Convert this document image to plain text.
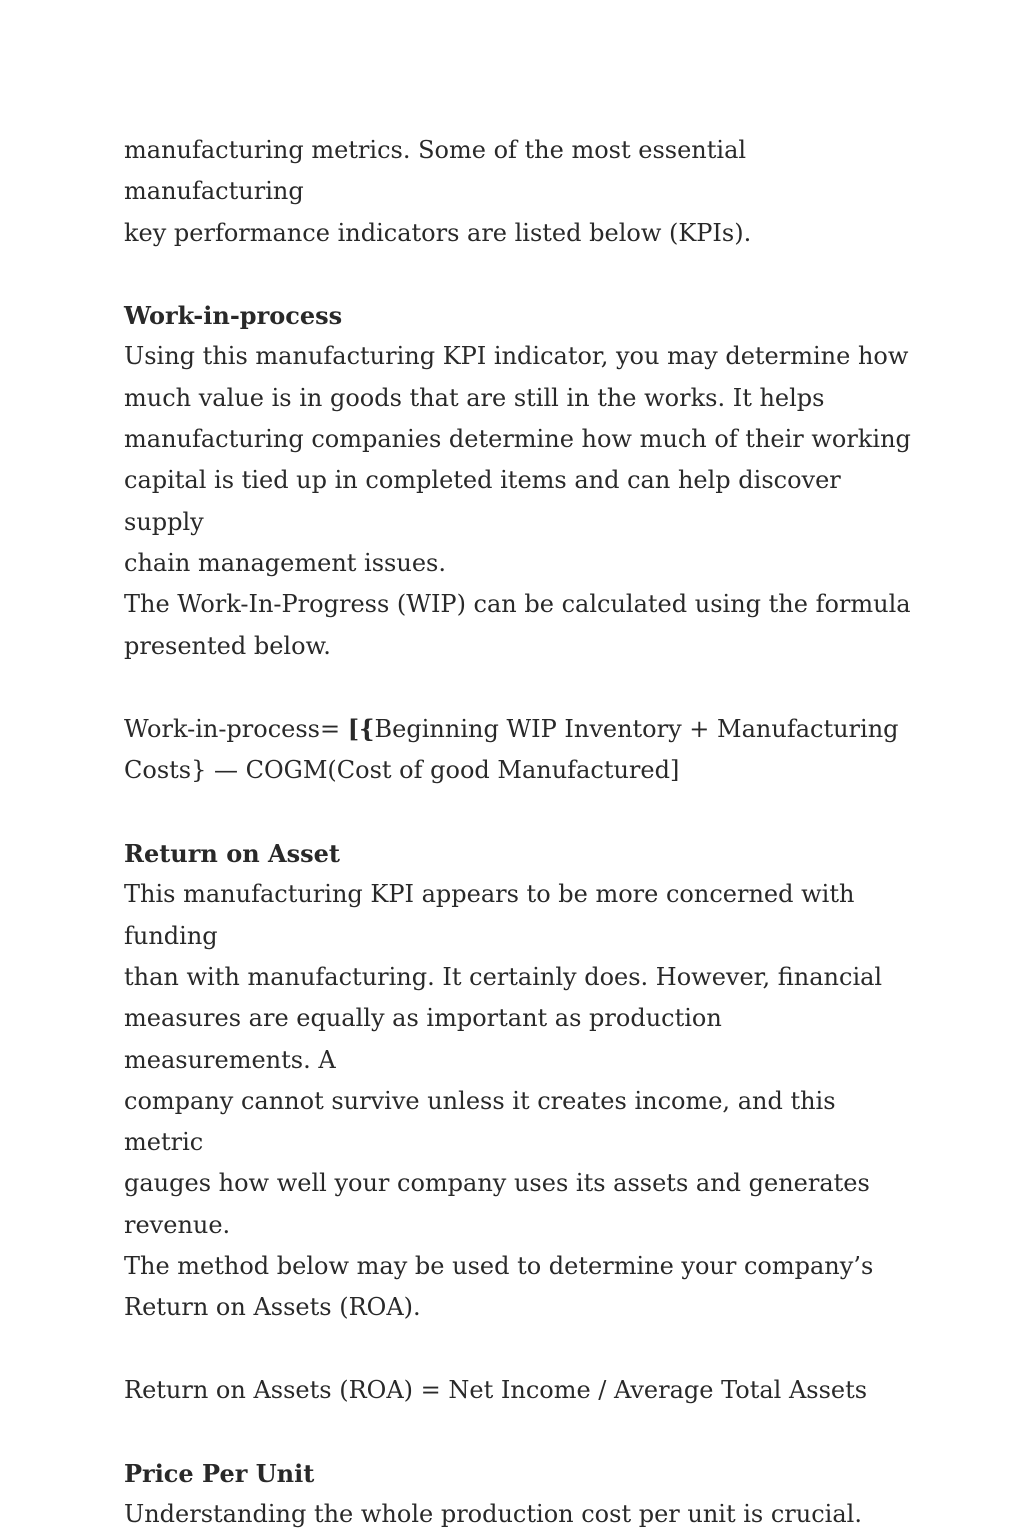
manufacturing metrics. Some of the most essential manufacturing

key performance indicators are listed below (KPIs).

Work-in-process

Using this manufacturing KPI indicator, you may determine how

much value is in goods that are still in the works. It helps

manufacturing companies determine how much of their working

capital is tied up in completed items and can help discover supply

chain management issues.

The Work-In-Progress (WIP) can be calculated using the formula

presented below.

Work-in-process= [{Beginning WIP Inventory + Manufacturing

Costs} — COGM(Cost of good Manufactured]

Return on Asset

This manufacturing KPI appears to be more concerned with funding

than with manufacturing. It certainly does. However, financial

measures are equally as important as production measurements. A

company cannot survive unless it creates income, and this metric

gauges how well your company uses its assets and generates

revenue.

The method below may be used to determine your company’s

Return on Assets (ROA).

Return on Assets (ROA) = Net Income / Average Total Assets

Price Per Unit

Understanding the whole production cost per unit is crucial.
